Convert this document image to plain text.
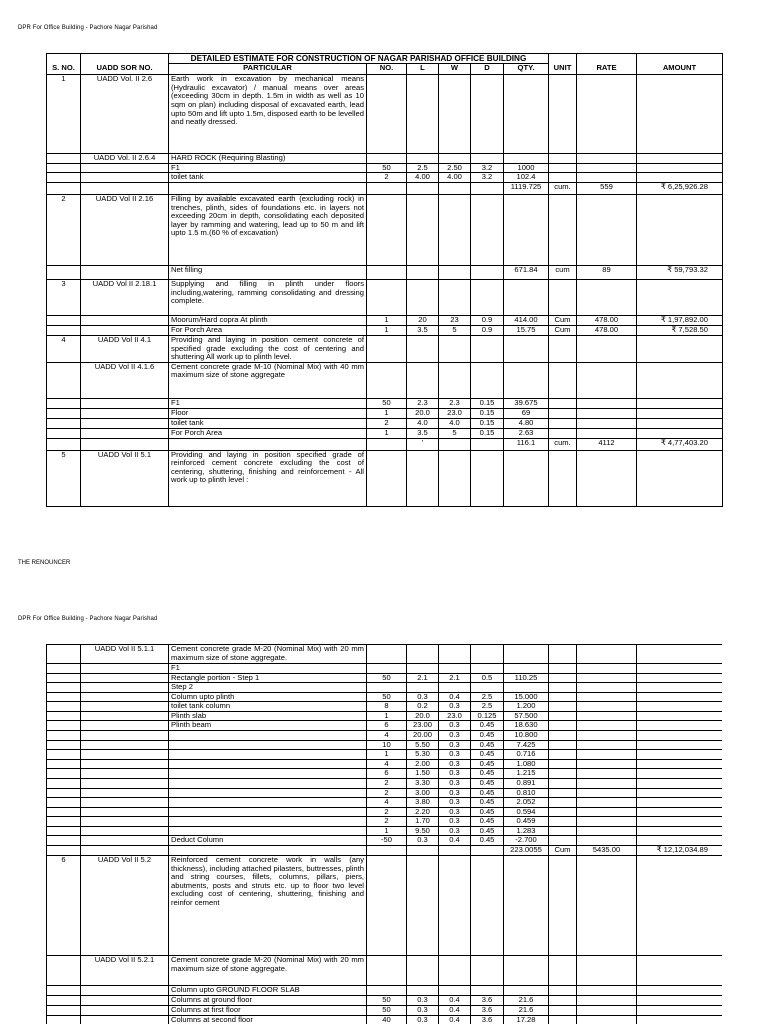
DPR For Office Building - Pachore Nagar Parishad
		DETAILED ESTIMATE FOR CONSTRUCTION OF NAGAR PARISHAD OFFICE BUILDING								
S. NO.	UADD SOR NO.	PARTICULAR	NO.	L	W	D	QTY.	UNIT	RATE	AMOUNT
1	UADD Vol. II 2.6	Earth work in excavation by mechanical means (Hydraulic excavator) / manual means over areas (exceeding 30cm in depth. 1.5m in width as well as 10 sqm on plan) including disposal of excavated earth, lead upto 50m and lift upto 1.5m, disposed earth to be levelled and neatly dressed.								
	UADD Vol. II 2.6.4	HARD ROCK (Requiring Blasting)								
		F1	50	2.5	2.50	3.2	1000			
		toilet tank	2	4.00	4.00	3.2	102.4			
							1119.725	cum.	559	₹ 6,25,926.28
2	UADD Vol II 2.16	Filling by available excavated earth (excluding rock) in trenches, plinth, sides of foundations etc. in layers not exceeding 20cm in depth, consolidating each deposited layer by ramming and watering, lead up to 50 m and lift upto 1.5 m.(60 % of excavation)								
		Net filling					671.84	cum	89	₹ 59,793.32
3	UADD Vol II 2.18.1	Supplying and filling in plinth under floors including,watering, ramming consolidating and dressing complete.								
		Moorum/Hard copra At plinth	1	20	23	0.9	414.00	Cum	478.00	₹ 1,97,892.00
		For Porch Area	1	3.5	5	0.9	15.75	Cum	478.00	₹ 7,528.50
4	UADD Vol II 4.1	Providing and laying in position cement concrete of specified grade excluding the cost of centering and shuttering All work up to plinth level.								
	UADD Vol II 4.1.6	Cement concrete grade M-10 (Nominal Mix) with 40 mm maximum size of stone aggregate								
		F1	50	2.3	2.3	0.15	39.675			
		Floor	1	20.0	23.0	0.15	69			
		toilet tank	2	4.0	4.0	0.15	4.80			
		For Porch Area	1	3.5	5	0.15	2.63			
				'			116.1	cum.	4112	₹ 4,77,403.20
5	UADD Vol II 5.1	Providing and laying in position specified grade of reinforced cement concrete excluding the cost of centering, shuttering, finishing and reinforcement - All work up to plinth level :								
THE RENOUNCER
DPR For Office Building - Pachore Nagar Parishad
	UADD Vol II 5.1.1	Cement concrete grade M-20 (Nominal Mix) with 20 mm maximum size of stone aggregate.								
		F1								
		Rectangle portion - Step 1	50	2.1	2.1	0.5	110.25			
		Step 2								
		Column upto plinth	50	0.3	0.4	2.5	15.000			
		toilet tank column	8	0.2	0.3	2.5	1.200			
		Plinth slab	1	20.0	23.0	0.125	57.500			
		Plinth beam	6	23.00	0.3	0.45	18.630			
			4	20.00	0.3	0.45	10.800			
			10	5.50	0.3	0.45	7.425			
			1	5.30	0.3	0.45	0.716			
			4	2.00	0.3	0.45	1.080			
			6	1.50	0.3	0.45	1.215			
			2	3.30	0.3	0.45	0.891			
			2	3.00	0.3	0.45	0.810			
			4	3.80	0.3	0.45	2.052			
			2	2.20	0.3	0.45	0.594			
			2	1.70	0.3	0.45	0.459			
			1	9.50	0.3	0.45	1.283			
		Deduct Column	-50	0.3	0.4	0.45	-2.700			
							223.0055	Cum	5435.00	₹ 12,12,034.89
6	UADD Vol II 5.2	Reinforced cement concrete work in walls (any thickness), including attached pilasters, buttresses, plinth and string courses, fillets, columns, pillars, piers, abutments, posts and struts etc. up to floor two level excluding cost of centering, shuttering, finishing and reinfor cement								
	UADD Vol II 5.2.1	Cement concrete grade M-20 (Nominal Mix) with 20 mm maximum size of stone aggregate.								
		Column upto GROUND FLOOR SLAB								
		Columns at ground floor	50	0.3	0.4	3.6	21.6			
		Columns at first floor	50	0.3	0.4	3.6	21.6			
		Columns at second floor	40	0.3	0.4	3.6	17.28			
